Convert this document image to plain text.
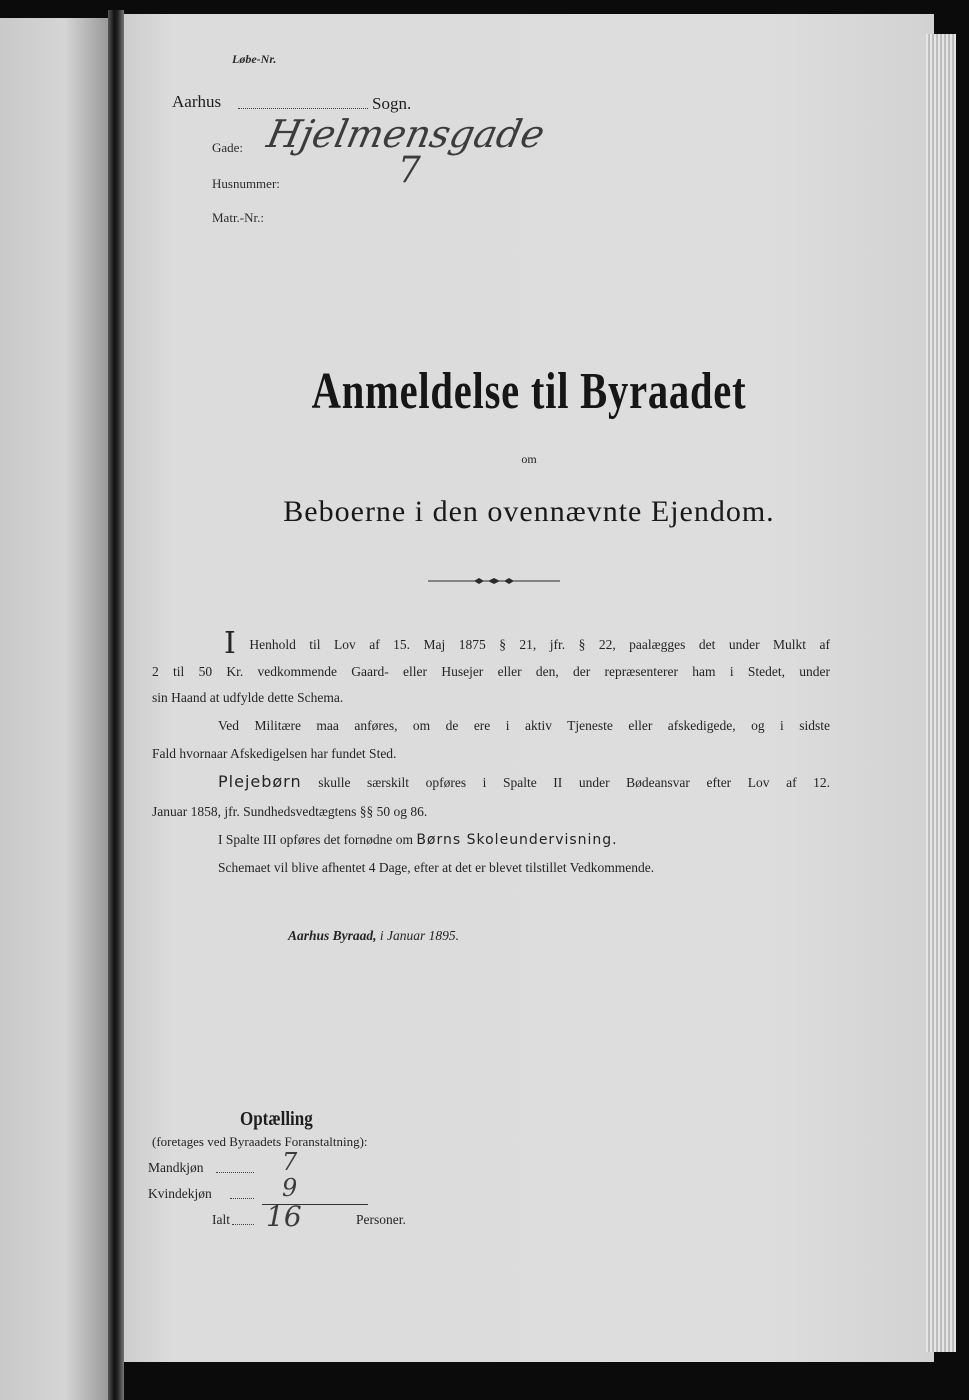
Løbe-Nr.
Aarhus	Sogn.
Gade: Hjelmensgade
Husnummer:	7
Matr.-Nr.:
Anmeldelse til Byraadet
om
Beboerne i den ovennævnte Ejendom.
I Henhold til Lov af 15. Maj 1875 § 21, jfr. § 22, paalægges det under Mulkt af
2 til 50 Kr. vedkommende Gaard- eller Husejer eller den, der repræsenterer ham i Stedet, under
sin Haand at udfylde dette Schema.
Ved Militære maa anføres, om de ere i aktiv Tjeneste eller afskedigede, og i sidste
Fald hvornaar Afskedigelsen har fundet Sted.
Plejebørn skulle særskilt opføres i Spalte II under Bødeansvar efter Lov af 12.
Januar 1858, jfr. Sundhedsvedtægtens §§ 50 og 86.
I Spalte III opføres det fornødne om Børns Skoleundervisning.
Schemaet vil blive afhentet 4 Dage, efter at det er blevet tilstillet Vedkommende.
Aarhus Byraad, i Januar 1895.
Optælling
(foretages ved Byraadets Foranstaltning):
Mandkjøn	7
Kvindekjøn	9
Ialt 16	Personer.
